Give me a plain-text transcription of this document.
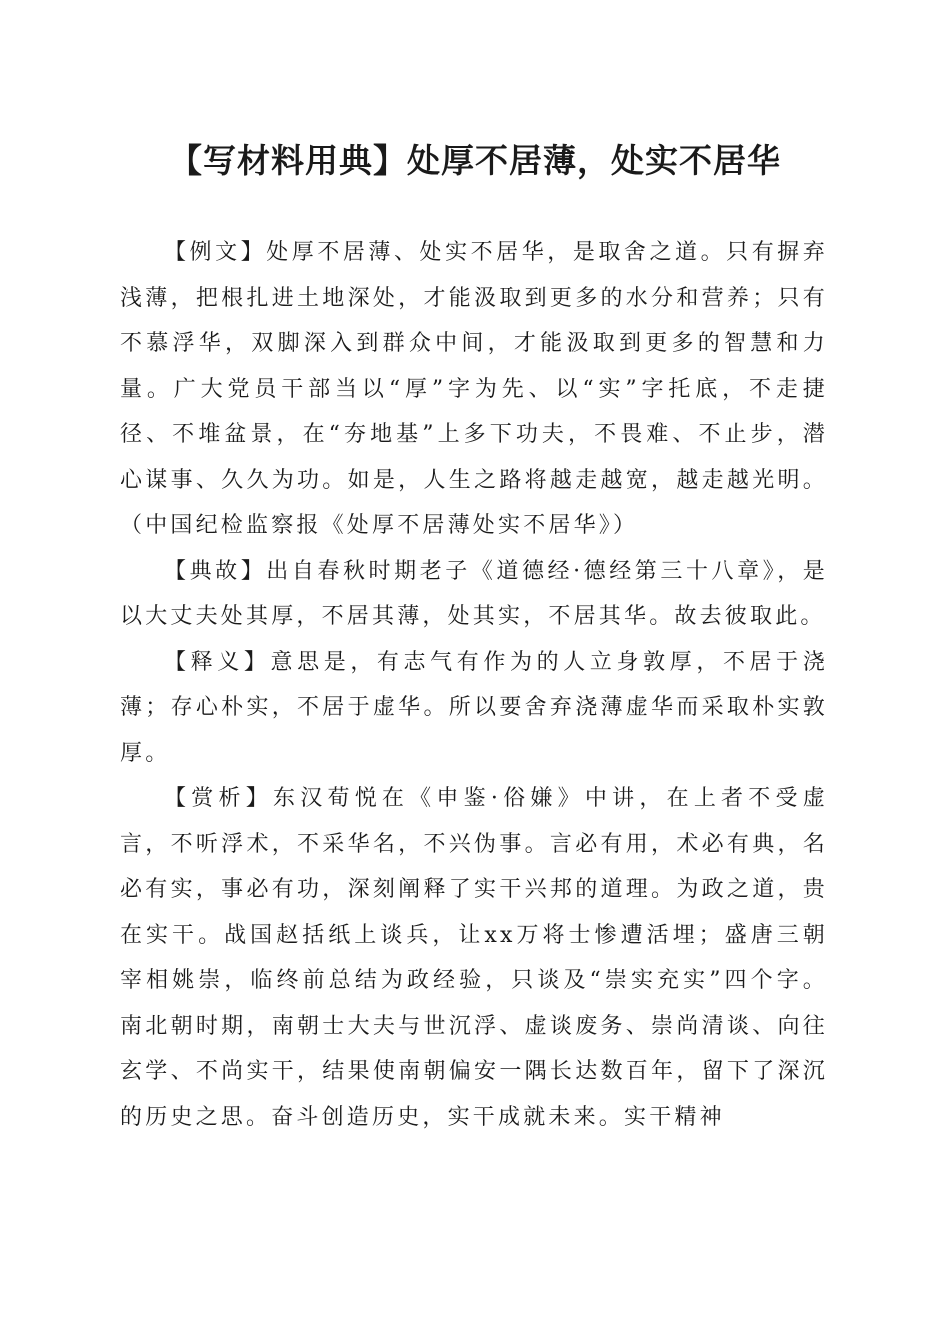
【写材料用典】处厚不居薄，处实不居华

【例文】处厚不居薄、处实不居华，是取舍之道。只有摒弃浅薄，把根扎进土地深处，才能汲取到更多的水分和营养；只有不慕浮华，双脚深入到群众中间，才能汲取到更多的智慧和力量。广大党员干部当以“厚”字为先、以“实”字托底，不走捷径、不堆盆景，在“夯地基”上多下功夫，不畏难、不止步，潜心谋事、久久为功。如是，人生之路将越走越宽，越走越光明。（中国纪检监察报《处厚不居薄处实不居华》）

【典故】出自春秋时期老子《道德经·德经第三十八章》，是以大丈夫处其厚，不居其薄，处其实，不居其华。故去彼取此。

【释义】意思是，有志气有作为的人立身敦厚，不居于浇薄；存心朴实，不居于虚华。所以要舍弃浇薄虚华而采取朴实敦厚。

【赏析】东汉荀悦在《申鉴·俗嫌》中讲，在上者不受虚言，不听浮术，不采华名，不兴伪事。言必有用，术必有典，名必有实，事必有功，深刻阐释了实干兴邦的道理。为政之道，贵在实干。战国赵括纸上谈兵，让xx万将士惨遭活埋；盛唐三朝宰相姚崇，临终前总结为政经验，只谈及“崇实充实”四个字。南北朝时期，南朝士大夫与世沉浮、虚谈废务、崇尚清谈、向往玄学、不尚实干，结果使南朝偏安一隅长达数百年，留下了深沉的历史之思。奋斗创造历史，实干成就未来。实干精神
